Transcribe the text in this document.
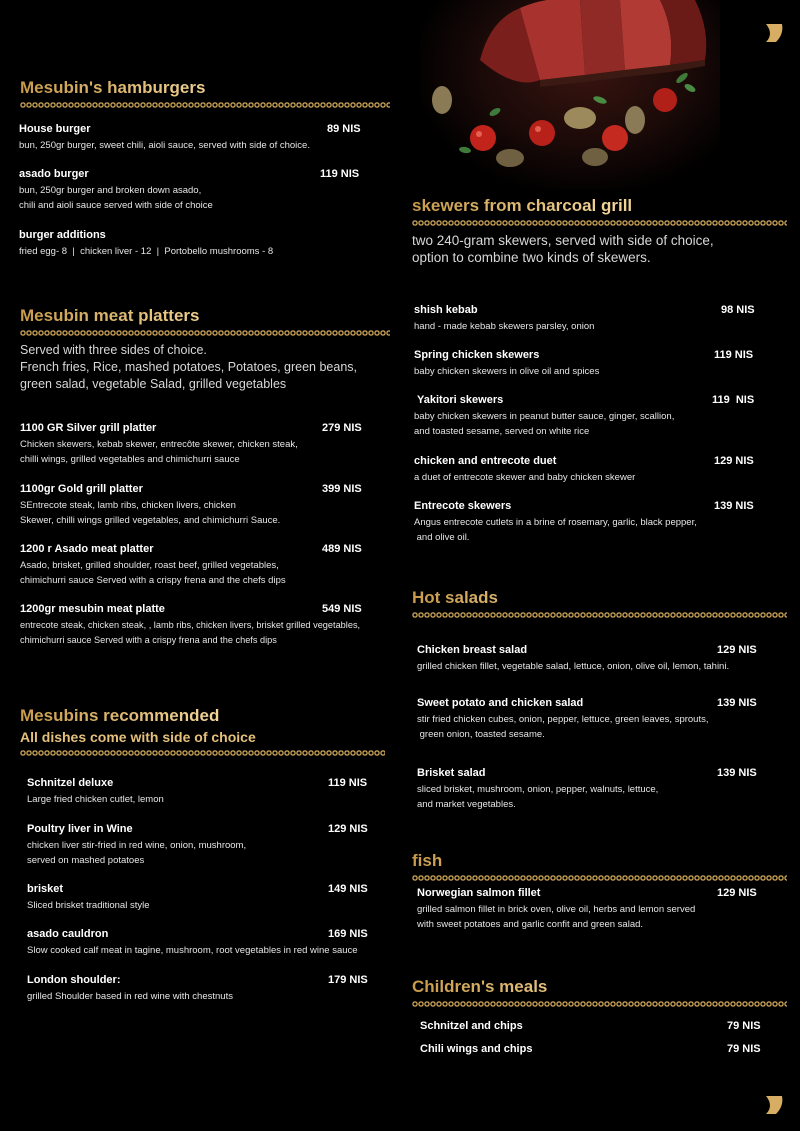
Mesubin's hamburgers
House burger	89 NIS
bun, 250gr burger, sweet chili, aioli sauce, served with side of choice.
asado burger	119 NIS
bun, 250gr burger and broken down asado,
chili and aioli sauce served with side of choice
burger additions
fried egg- 8  |  chicken liver - 12  |  Portobello mushrooms - 8
Mesubin meat platters
Served with three sides of choice.
French fries, Rice, mashed potatoes, Potatoes, green beans,
green salad, vegetable Salad, grilled vegetables
1100 GR Silver grill platter	279 NIS
Chicken skewers, kebab skewer, entrecôte skewer, chicken steak,
chilli wings, grilled vegetables and chimichurri sauce
1100gr Gold grill platter	399 NIS
SEntrecote steak, lamb ribs, chicken livers, chicken
Skewer, chilli wings grilled vegetables, and chimichurri Sauce.
1200 r Asado meat platter	489 NIS
Asado, brisket, grilled shoulder, roast beef, grilled vegetables,
chimichurri sauce Served with a crispy frena and the chefs dips
1200gr mesubin meat platte	549 NIS
entrecote steak, chicken steak, , lamb ribs, chicken livers, brisket grilled vegetables,
chimichurri sauce Served with a crispy frena and the chefs dips
Mesubins recommended
All dishes come with side of choice
Schnitzel deluxe	119 NIS
Large fried chicken cutlet, lemon
Poultry liver in Wine	129 NIS
chicken liver stir-fried in red wine, onion, mushroom,
served on mashed potatoes
brisket	149 NIS
Sliced brisket traditional style
asado cauldron	169 NIS
Slow cooked calf meat in tagine, mushroom, root vegetables in red wine sauce
London shoulder:	179 NIS
grilled Shoulder based in red wine with chestnuts
skewers from charcoal grill
two 240-gram skewers, served with side of choice,
option to combine two kinds of skewers.
shish kebab	98 NIS
hand - made kebab skewers parsley, onion
Spring chicken skewers	119 NIS
baby chicken skewers in olive oil and spices
Yakitori skewers	119  NIS
baby chicken skewers in peanut butter sauce, ginger, scallion,
and toasted sesame, served on white rice
chicken and entrecote duet	129 NIS
a duet of entrecote skewer and baby chicken skewer
Entrecote skewers	139 NIS
Angus entrecote cutlets in a brine of rosemary, garlic, black pepper,
and olive oil.
Hot salads
Chicken breast salad	129 NIS
grilled chicken fillet, vegetable salad, lettuce, onion, olive oil, lemon, tahini.
Sweet potato and chicken salad	139 NIS
stir fried chicken cubes, onion, pepper, lettuce, green leaves, sprouts,
green onion, toasted sesame.
Brisket salad	139 NIS
sliced brisket, mushroom, onion, pepper, walnuts, lettuce,
and market vegetables.
fish
Norwegian salmon fillet	129 NIS
grilled salmon fillet in brick oven, olive oil, herbs and lemon served
with sweet potatoes and garlic confit and green salad.
Children's meals
Schnitzel and chips	79 NIS
Chili wings and chips	79 NIS
